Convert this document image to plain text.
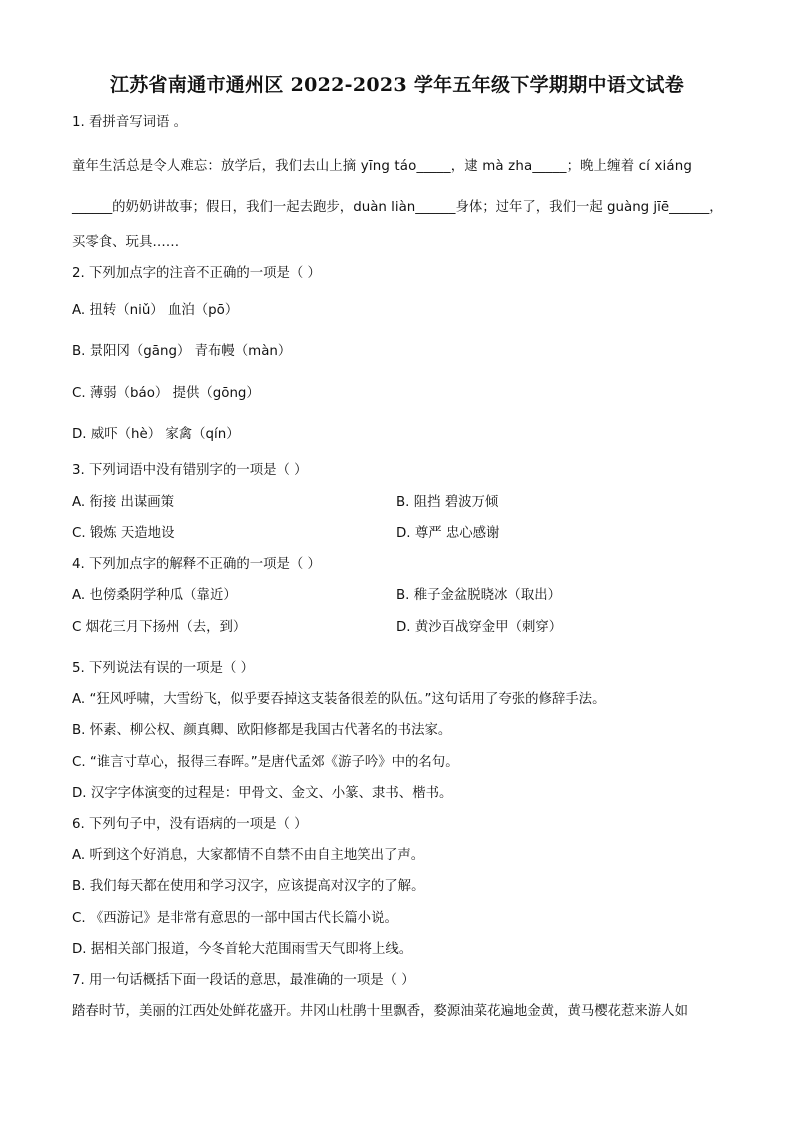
江苏省南通市通州区 2022-2023 学年五年级下学期期中语文试卷
1. 看拼音写词语 。
童年生活总是令人难忘：放学后，我们去山上摘 yīng táo_____，逮 mà zha_____；晚上缠着 cí xiáng
______的奶奶讲故事；假日，我们一起去跑步，duàn liàn______身体；过年了，我们一起 guàng jīē______，
买零食、玩具……
2. 下列加点字的注音不正确的一项是（ ）
A. 扭转（niǔ） 血泊（pō）
B. 景阳冈（gāng） 青布幔（màn）
C. 薄弱（báo） 提供（gōng）
D. 威吓（hè） 家禽（qín）
3. 下列词语中没有错别字的一项是（ ）
A. 衔接 出谋画策	B. 阻挡 碧波万倾
C. 锻炼 天造地设	D. 尊严 忠心感谢
4. 下列加点字的解释不正确的一项是（ ）
A. 也傍桑阴学种瓜（靠近）	B. 稚子金盆脱晓冰（取出）
C 烟花三月下扬州（去，到）	D. 黄沙百战穿金甲（刺穿）
5. 下列说法有误的一项是（ ）
A. “狂风呼啸，大雪纷飞，似乎要吞掉这支装备很差的队伍。”这句话用了夸张的修辞手法。
B. 怀素、柳公权、颜真卿、欧阳修都是我国古代著名的书法家。
C. “谁言寸草心，报得三春晖。”是唐代孟郊《游子吟》中的名句。
D. 汉字字体演变的过程是：甲骨文、金文、小篆、隶书、楷书。
6. 下列句子中，没有语病的一项是（ ）
A. 听到这个好消息，大家都情不自禁不由自主地笑出了声。
B. 我们每天都在使用和学习汉字，应该提高对汉字的了解。
C. 《西游记》是非常有意思的一部中国古代长篇小说。
D. 据相关部门报道，今冬首轮大范围雨雪天气即将上线。
7. 用一句话概括下面一段话的意思，最准确的一项是（ ）
踏春时节，美丽的江西处处鲜花盛开。井冈山杜鹃十里飘香，婺源油菜花遍地金黄，黄马樱花惹来游人如
